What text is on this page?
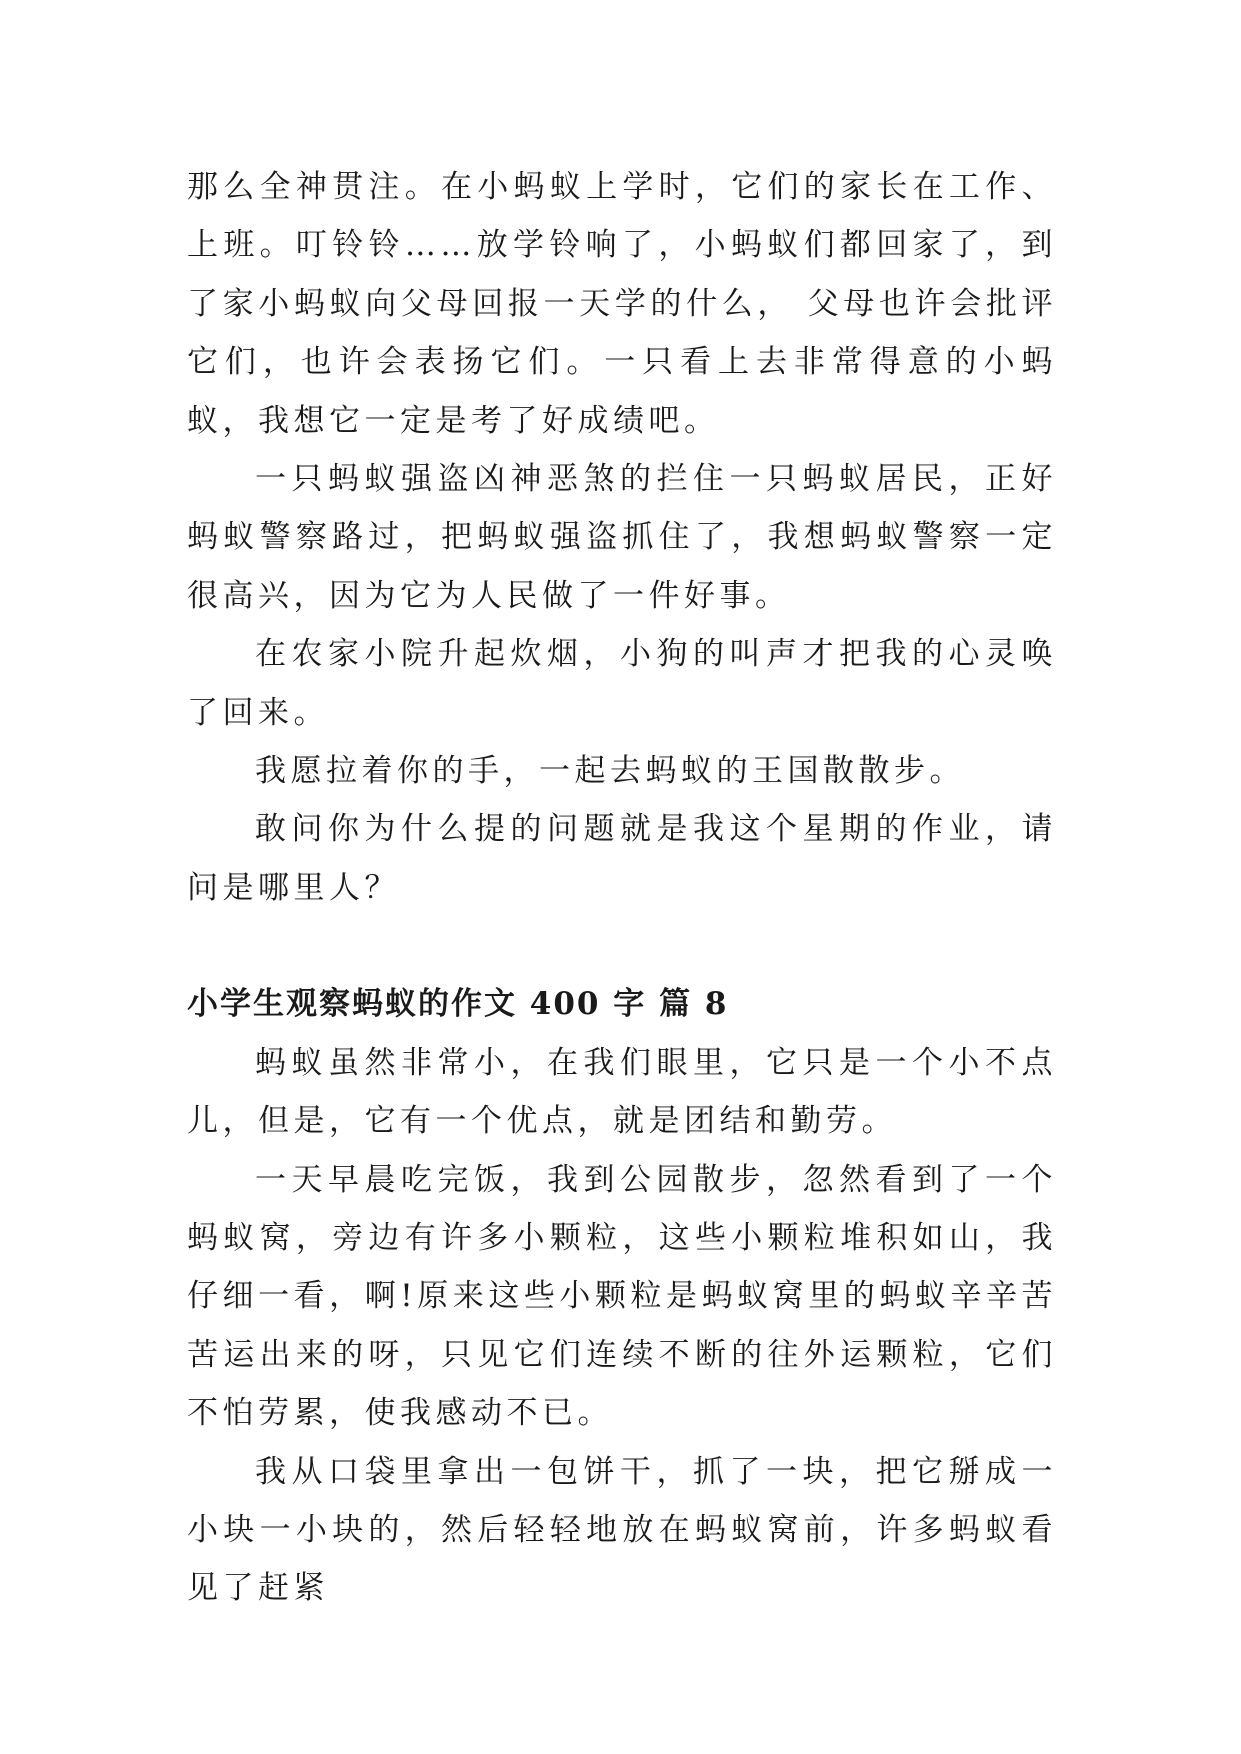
那么全神贯注。在小蚂蚁上学时，它们的家长在工作、上班。叮铃铃……放学铃响了，小蚂蚁们都回家了，到了家小蚂蚁向父母回报一天学的什么， 父母也许会批评它们，也许会表扬它们。一只看上去非常得意的小蚂蚁，我想它一定是考了好成绩吧。

一只蚂蚁强盗凶神恶煞的拦住一只蚂蚁居民，正好蚂蚁警察路过，把蚂蚁强盗抓住了，我想蚂蚁警察一定很高兴，因为它为人民做了一件好事。

在农家小院升起炊烟，小狗的叫声才把我的心灵唤了回来。

我愿拉着你的手，一起去蚂蚁的王国散散步。

敢问你为什么提的问题就是我这个星期的作业，请问是哪里人？

小学生观察蚂蚁的作文 400 字 篇 8

蚂蚁虽然非常小，在我们眼里，它只是一个小不点儿，但是，它有一个优点，就是团结和勤劳。

一天早晨吃完饭，我到公园散步，忽然看到了一个蚂蚁窝，旁边有许多小颗粒，这些小颗粒堆积如山，我仔细一看，啊!原来这些小颗粒是蚂蚁窝里的蚂蚁辛辛苦苦运出来的呀，只见它们连续不断的往外运颗粒，它们不怕劳累，使我感动不已。

我从口袋里拿出一包饼干，抓了一块，把它掰成一小块一小块的，然后轻轻地放在蚂蚁窝前，许多蚂蚁看见了赶紧
